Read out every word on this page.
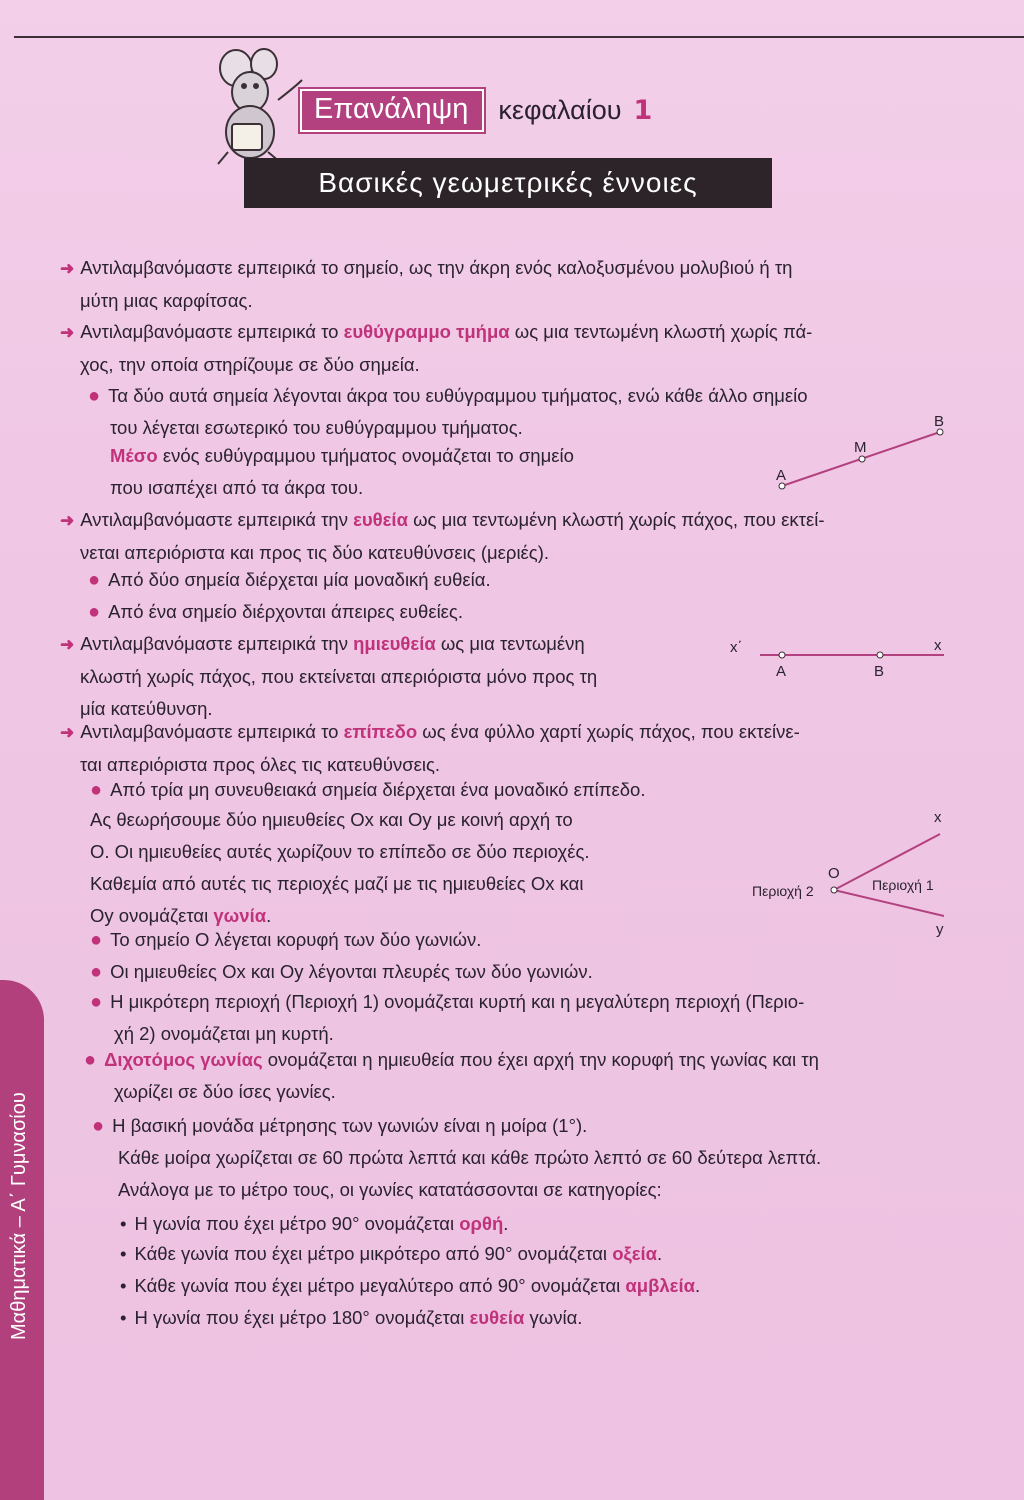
Επανάληψη	κεφαλαίου 1
Βασικές γεωμετρικές έννοιες
Μαθηματικά – Α΄ Γυμνασίου
➜ Αντιλαμβανόμαστε εμπειρικά το σημείο, ως την άκρη ενός καλοξυσμένου μολυβιού ή τη
μύτη μιας καρφίτσας.
➜ Αντιλαμβανόμαστε εμπειρικά το ευθύγραμμο τμήμα ως μια τεντωμένη κλωστή χωρίς πά-
χος, την οποία στηρίζουμε σε δύο σημεία.
● Τα δύο αυτά σημεία λέγονται άκρα του ευθύγραμμου τμήματος, ενώ κάθε άλλο σημείο
του λέγεται εσωτερικό του ευθύγραμμου τμήματος.
Μέσο ενός ευθύγραμμου τμήματος ονομάζεται το σημείο
που ισαπέχει από τα άκρα του.
➜ Αντιλαμβανόμαστε εμπειρικά την ευθεία ως μια τεντωμένη κλωστή χωρίς πάχος, που εκτεί-
νεται απεριόριστα και προς τις δύο κατευθύνσεις (μεριές).
● Από δύο σημεία διέρχεται μία μοναδική ευθεία.
● Από ένα σημείο διέρχονται άπειρες ευθείες.
➜ Αντιλαμβανόμαστε εμπειρικά την ημιευθεία ως μια τεντωμένη
κλωστή χωρίς πάχος, που εκτείνεται απεριόριστα μόνο προς τη
μία κατεύθυνση.
➜ Αντιλαμβανόμαστε εμπειρικά το επίπεδο ως ένα φύλλο χαρτί χωρίς πάχος, που εκτείνε-
ται απεριόριστα προς όλες τις κατευθύνσεις.
● Από τρία μη συνευθειακά σημεία διέρχεται ένα μοναδικό επίπεδο.
Ας θεωρήσουμε δύο ημιευθείες Οx και Οy με κοινή αρχή το
Ο. Οι ημιευθείες αυτές χωρίζουν το επίπεδο σε δύο περιοχές.
Καθεμία από αυτές τις περιοχές μαζί με τις ημιευθείες Οx και
Οy ονομάζεται γωνία.
● Το σημείο Ο λέγεται κορυφή των δύο γωνιών.
● Οι ημιευθείες Οx και Οy λέγονται πλευρές των δύο γωνιών.
● Η μικρότερη περιοχή (Περιοχή 1) ονομάζεται κυρτή και η μεγαλύτερη περιοχή (Περιο-
χή 2) ονομάζεται μη κυρτή.
● Διχοτόμος γωνίας ονομάζεται η ημιευθεία που έχει αρχή την κορυφή της γωνίας και τη
χωρίζει σε δύο ίσες γωνίες.
● Η βασική μονάδα μέτρησης των γωνιών είναι η μοίρα (1°).
Κάθε μοίρα χωρίζεται σε 60 πρώτα λεπτά και κάθε πρώτο λεπτό σε 60 δεύτερα λεπτά.
Ανάλογα με το μέτρο τους, οι γωνίες κατατάσσονται σε κατηγορίες:
• Η γωνία που έχει μέτρο 90° ονομάζεται ορθή.
• Κάθε γωνία που έχει μέτρο μικρότερο από 90° ονομάζεται οξεία.
• Κάθε γωνία που έχει μέτρο μεγαλύτερο από 90° ονομάζεται αμβλεία.
• Η γωνία που έχει μέτρο 180° ονομάζεται ευθεία γωνία.
A
M
B
x΄	x
A	B
O
x
y
Περιοχή 1
Περιοχή 2
